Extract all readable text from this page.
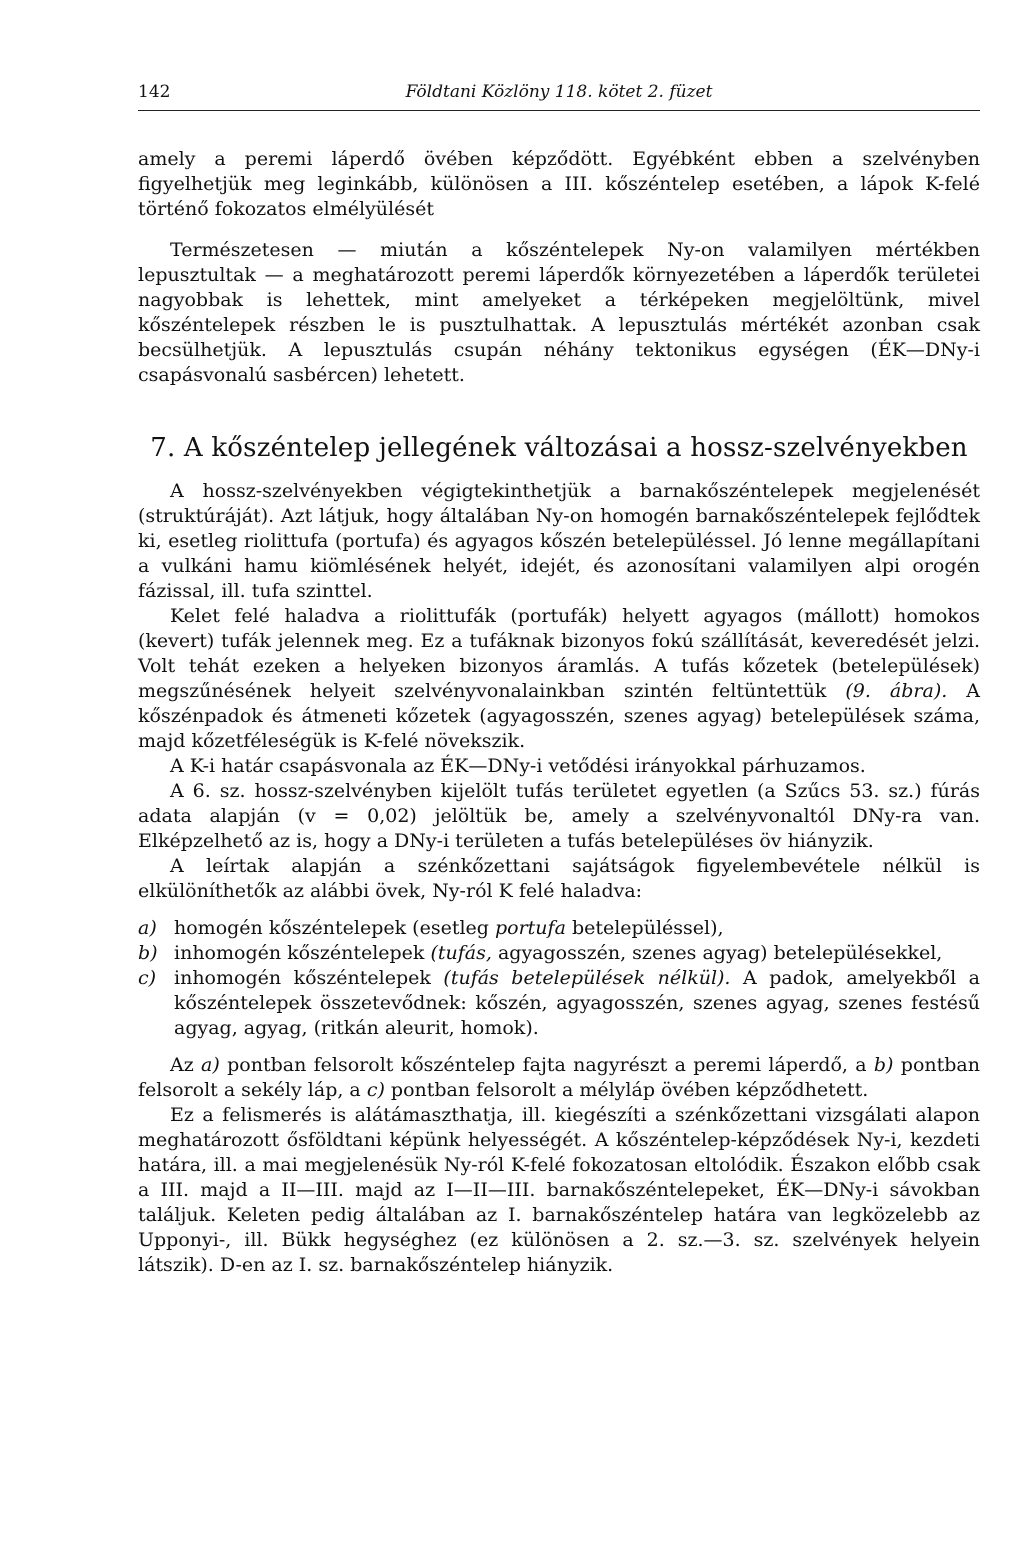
142	Földtani Közlöny 118. kötet 2. füzet

amely a peremi láperdő övében képződött. Egyébként ebben a szelvényben figyelhetjük meg leginkább, különösen a III. kőszéntelep esetében, a lápok K-felé történő fokozatos elmélyülését

Természetesen — miután a kőszéntelepek Ny-on valamilyen mértékben lepusztultak — a meghatározott peremi láperdők környezetében a láperdők területei nagyobbak is lehettek, mint amelyeket a térképeken megjelöltünk, mivel kőszéntelepek részben le is pusztulhattak. A lepusztulás mértékét azonban csak becsülhetjük. A lepusztulás csupán néhány tektonikus egységen (ÉK—DNy-i csapásvonalú sasbércen) lehetett.

7. A kőszéntelep jellegének változásai a hossz-szelvényekben

A hossz-szelvényekben végigtekinthetjük a barnakőszéntelepek megjelenését (struktúráját). Azt látjuk, hogy általában Ny-on homogén barnakőszéntelepek fejlődtek ki, esetleg riolittufa (portufa) és agyagos kőszén betelepüléssel. Jó lenne megállapítani a vulkáni hamu kiömlésének helyét, idejét, és azonosítani valamilyen alpi orogén fázissal, ill. tufa szinttel.

Kelet felé haladva a riolittufák (portufák) helyett agyagos (mállott) homokos (kevert) tufák jelennek meg. Ez a tufáknak bizonyos fokú szállítását, keveredését jelzi. Volt tehát ezeken a helyeken bizonyos áramlás. A tufás kőzetek (betelepülések) megszűnésének helyeit szelvényvonalainkban szintén feltüntettük (9. ábra). A kőszénpadok és átmeneti kőzetek (agyagosszén, szenes agyag) betelepülések száma, majd kőzetféleségük is K-felé növekszik.

A K-i határ csapásvonala az ÉK—DNy-i vetődési irányokkal párhuzamos.

A 6. sz. hossz-szelvényben kijelölt tufás területet egyetlen (a Szűcs 53. sz.) fúrás adata alapján (v = 0,02) jelöltük be, amely a szelvényvonaltól DNy-ra van. Elképzelhető az is, hogy a DNy-i területen a tufás betelepüléses öv hiányzik.

A leírtak alapján a szénkőzettani sajátságok figyelembevétele nélkül is elkülöníthetők az alábbi övek, Ny-ról K felé haladva:

a) homogén kőszéntelepek (esetleg portufa betelepüléssel),
b) inhomogén kőszéntelepek (tufás, agyagosszén, szenes agyag) betelepülésekkel,
c) inhomogén kőszéntelepek (tufás betelepülések nélkül). A padok, amelyekből a kőszéntelepek összetevődnek: kőszén, agyagosszén, szenes agyag, szenes festésű agyag, agyag, (ritkán aleurit, homok).

Az a) pontban felsorolt kőszéntelep fajta nagyrészt a peremi láperdő, a b) pontban felsorolt a sekély láp, a c) pontban felsorolt a mélyláp övében képződhetett.

Ez a felismerés is alátámaszthatja, ill. kiegészíti a szénkőzettani vizsgálati alapon meghatározott ősföldtani képünk helyességét. A kőszéntelep-képződések Ny-i, kezdeti határa, ill. a mai megjelenésük Ny-ról K-felé fokozatosan eltolódik. Északon előbb csak a III. majd a II—III. majd az I—II—III. barnakőszéntelepeket, ÉK—DNy-i sávokban találjuk. Keleten pedig általában az I. barnakőszéntelep határa van legközelebb az Upponyi-, ill. Bükk hegységhez (ez különösen a 2. sz.—3. sz. szelvények helyein látszik). D-en az I. sz. barnakőszéntelep hiányzik.
